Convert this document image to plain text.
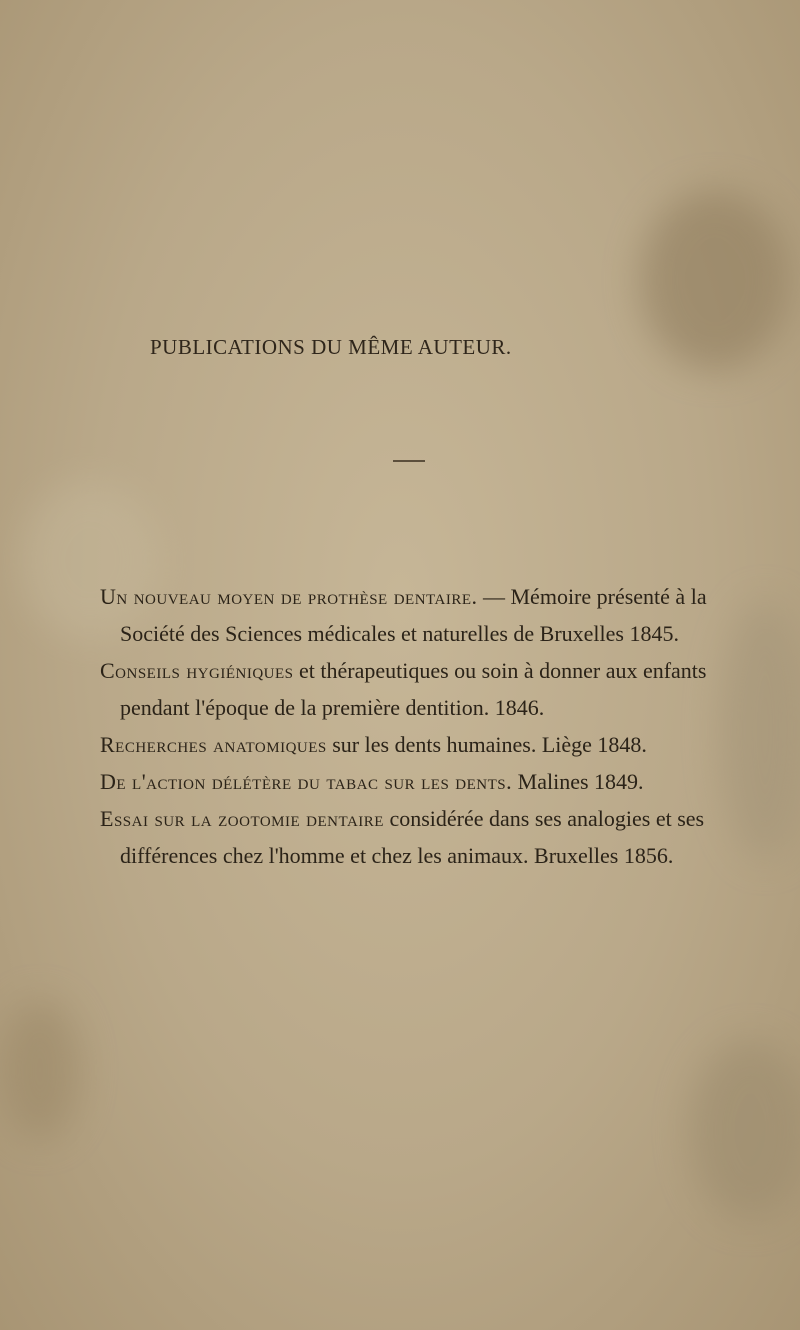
PUBLICATIONS DU MÊME AUTEUR.

Un nouveau moyen de prothèse dentaire. — Mémoire présenté à la Société des Sciences médicales et naturelles de Bruxelles 1845.

Conseils hygiéniques et thérapeutiques ou soin à donner aux enfants pendant l'époque de la première dentition. 1846.

Recherches anatomiques sur les dents humaines. Liège 1848.

De l'action délétère du tabac sur les dents. Malines 1849.

Essai sur la zootomie dentaire considérée dans ses analogies et ses différences chez l'homme et chez les animaux. Bruxelles 1856.
